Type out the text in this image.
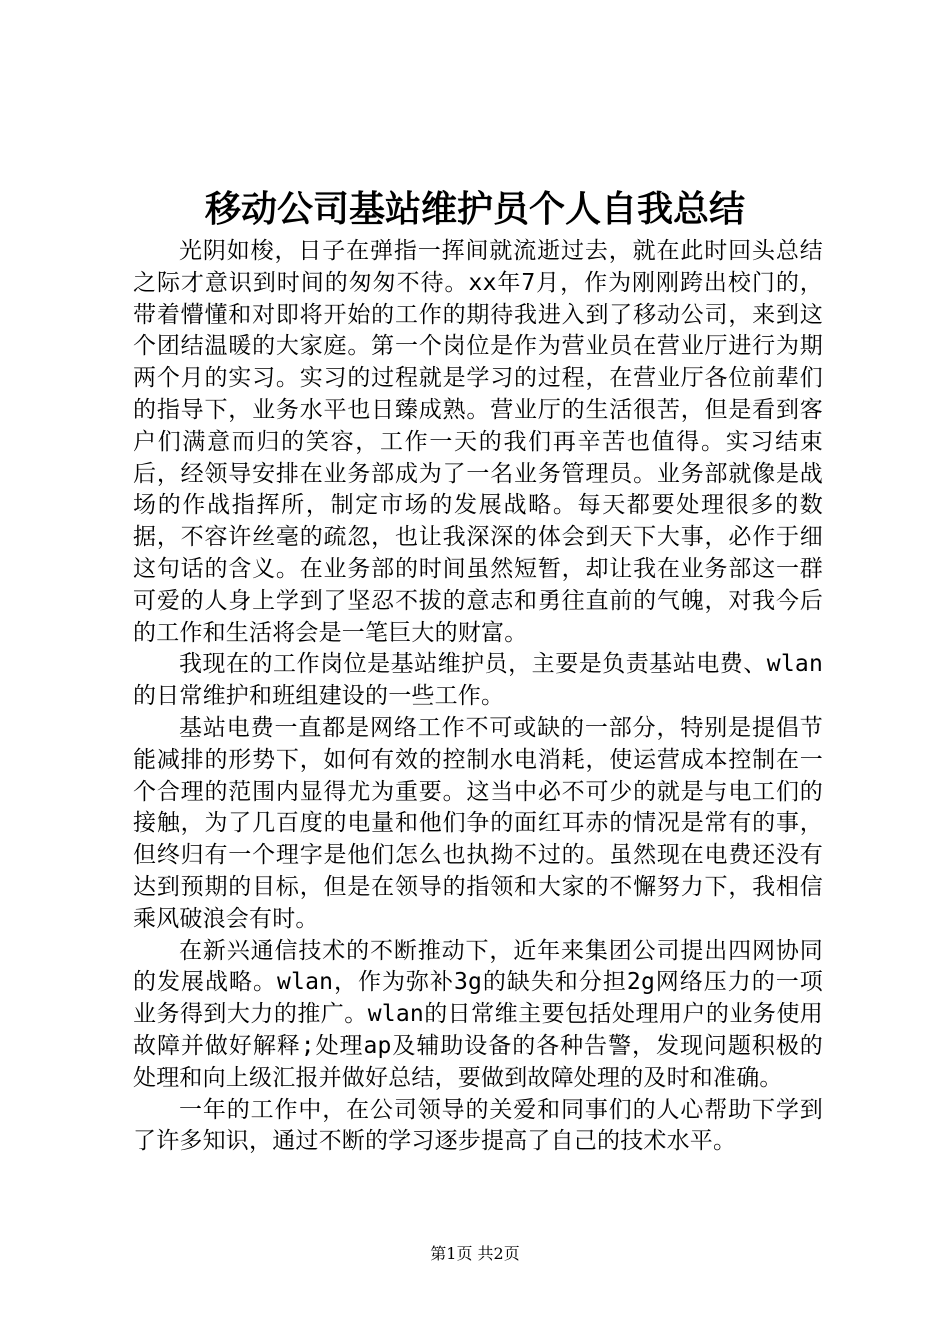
移动公司基站维护员个人自我总结

光阴如梭，日子在弹指一挥间就流逝过去，就在此时回头总结之际才意识到时间的匆匆不待。xx年7月，作为刚刚跨出校门的，带着懵懂和对即将开始的工作的期待我进入到了移动公司，来到这个团结温暖的大家庭。第一个岗位是作为营业员在营业厅进行为期两个月的实习。实习的过程就是学习的过程，在营业厅各位前辈们的指导下，业务水平也日臻成熟。营业厅的生活很苦，但是看到客户们满意而归的笑容，工作一天的我们再辛苦也值得。实习结束后，经领导安排在业务部成为了一名业务管理员。业务部就像是战场的作战指挥所，制定市场的发展战略。每天都要处理很多的数据，不容许丝毫的疏忽，也让我深深的体会到天下大事，必作于细这句话的含义。在业务部的时间虽然短暂，却让我在业务部这一群可爱的人身上学到了坚忍不拔的意志和勇往直前的气魄，对我今后的工作和生活将会是一笔巨大的财富。

我现在的工作岗位是基站维护员，主要是负责基站电费、wlan的日常维护和班组建设的一些工作。

基站电费一直都是网络工作不可或缺的一部分，特别是提倡节能减排的形势下，如何有效的控制水电消耗，使运营成本控制在一个合理的范围内显得尤为重要。这当中必不可少的就是与电工们的接触，为了几百度的电量和他们争的面红耳赤的情况是常有的事，但终归有一个理字是他们怎么也执拗不过的。虽然现在电费还没有达到预期的目标，但是在领导的指领和大家的不懈努力下，我相信乘风破浪会有时。

在新兴通信技术的不断推动下，近年来集团公司提出四网协同的发展战略。wlan，作为弥补3g的缺失和分担2g网络压力的一项业务得到大力的推广。wlan的日常维主要包括处理用户的业务使用故障并做好解释;处理ap及辅助设备的各种告警，发现问题积极的处理和向上级汇报并做好总结，要做到故障处理的及时和准确。

一年的工作中，在公司领导的关爱和同事们的人心帮助下学到了许多知识，通过不断的学习逐步提高了自己的技术水平。

第1页 共2页
